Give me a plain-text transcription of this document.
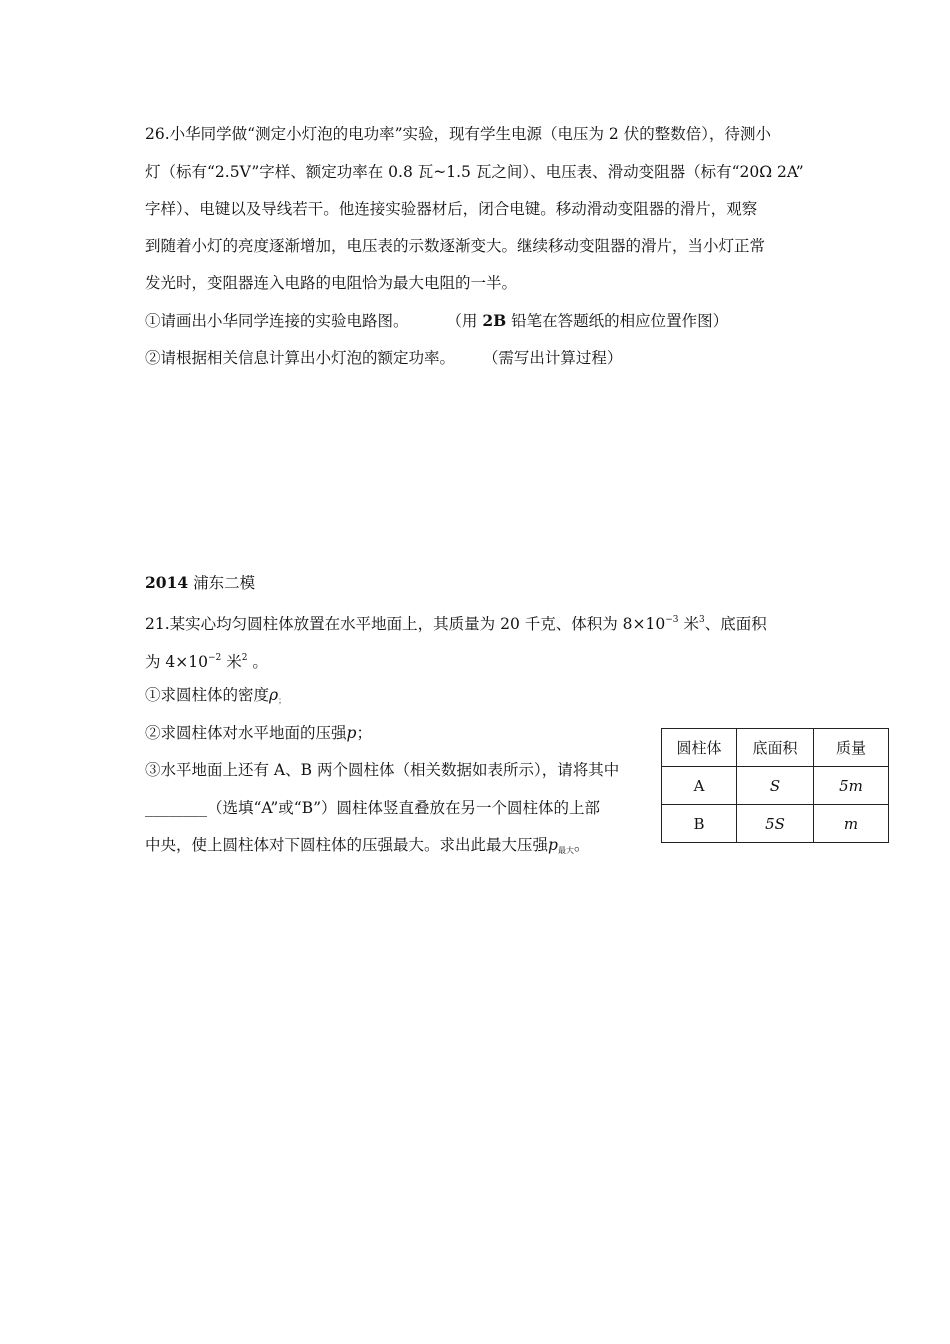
26.小华同学做“测定小灯泡的电功率”实验，现有学生电源（电压为 2 伏的整数倍），待测小
灯（标有“2.5V”字样、额定功率在 0.8 瓦~1.5 瓦之间）、电压表、滑动变阻器（标有“20Ω 2A”
字样）、电键以及导线若干。他连接实验器材后，闭合电键。移动滑动变阻器的滑片，观察
到随着小灯的亮度逐渐增加，电压表的示数逐渐变大。继续移动变阻器的滑片，当小灯正常
发光时，变阻器连入电路的电阻恰为最大电阻的一半。
①请画出小华同学连接的实验电路图。 （用 2B 铅笔在答题纸的相应位置作图）
②请根据相关信息计算出小灯泡的额定功率。 （需写出计算过程）
2014 浦东二模
21.某实心均匀圆柱体放置在水平地面上，其质量为 20 千克、体积为 $8\times 10^{-3}$ 米$^3$、底面积
为 $4\times 10^{-2}$ 米$^2$ 。
①求圆柱体的密度$\rho_;$
②求圆柱体对水平地面的压强p；
③水平地面上还有 A、B 两个圆柱体（相关数据如表所示），请将其中
________（选填“A”或“B”）圆柱体竖直叠放在另一个圆柱体的上部
中央，使上圆柱体对下圆柱体的压强最大。求出此最大压强$p_{最大}$。
圆柱体	底面积	质量
A	S	5m
B	5S	m
